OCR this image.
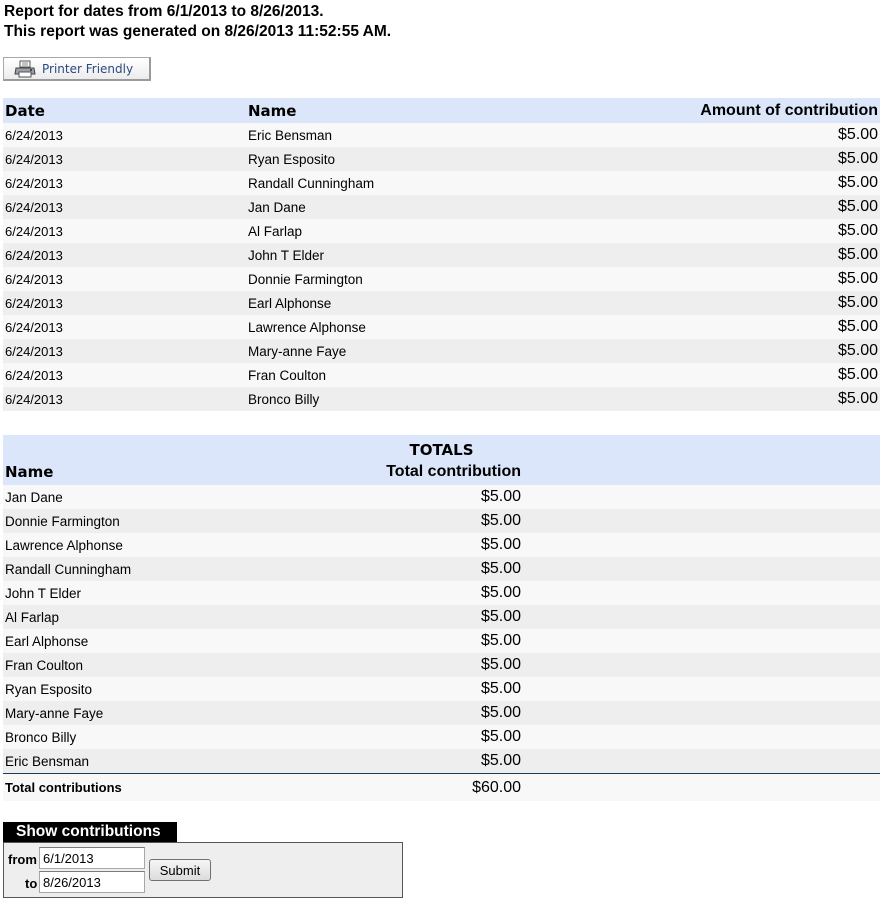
Report for dates from 6/1/2013 to 8/26/2013.
This report was generated on 8/26/2013 11:52:55 AM.
Printer Friendly
Date	Name	Amount of contribution
6/24/2013	Eric Bensman	$5.00
6/24/2013	Ryan Esposito	$5.00
6/24/2013	Randall Cunningham	$5.00
6/24/2013	Jan Dane	$5.00
6/24/2013	Al Farlap	$5.00
6/24/2013	John T Elder	$5.00
6/24/2013	Donnie Farmington	$5.00
6/24/2013	Earl Alphonse	$5.00
6/24/2013	Lawrence Alphonse	$5.00
6/24/2013	Mary-anne Faye	$5.00
6/24/2013	Fran Coulton	$5.00
6/24/2013	Bronco Billy	$5.00
TOTALS		
Name	Total contribution	
Jan Dane	$5.00	
Donnie Farmington	$5.00	
Lawrence Alphonse	$5.00	
Randall Cunningham	$5.00	
John T Elder	$5.00	
Al Farlap	$5.00	
Earl Alphonse	$5.00	
Fran Coulton	$5.00	
Ryan Esposito	$5.00	
Mary-anne Faye	$5.00	
Bronco Billy	$5.00	
Eric Bensman	$5.00	
Total contributions	$60.00	
Show contributions
from
6/1/2013
to
8/26/2013
Submit
